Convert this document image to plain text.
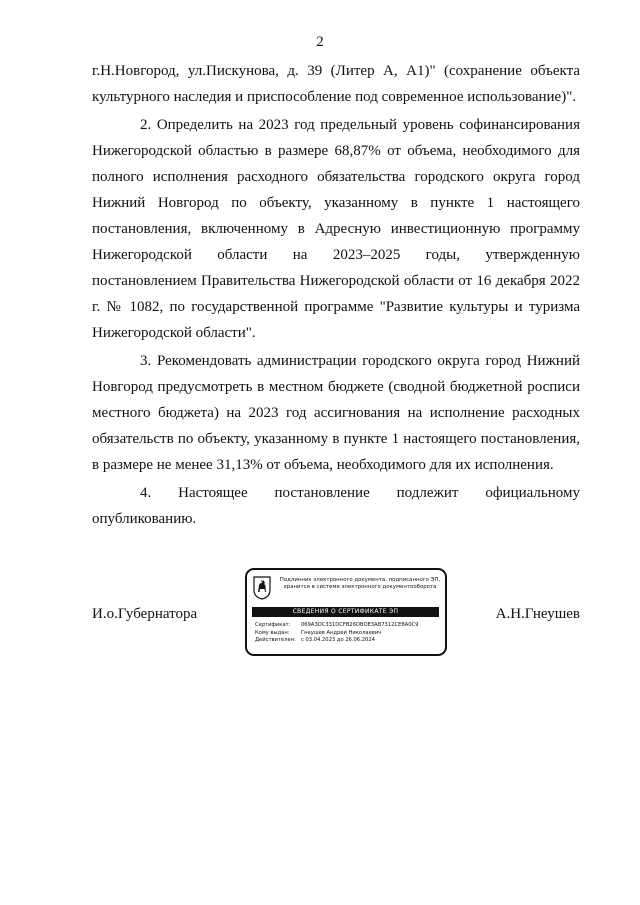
2

г.Н.Новгород, ул.Пискунова, д. 39 (Литер А, А1)" (сохранение объекта культурного наследия и приспособление под современное использование)".

2. Определить на 2023 год предельный уровень софинансирования Нижегородской областью в размере 68,87% от объема, необходимого для полного исполнения расходного обязательства городского округа город Нижний Новгород по объекту, указанному в пункте 1 настоящего постановления, включенному в Адресную инвестиционную программу Нижегородской области на 2023–2025 годы, утвержденную постановлением Правительства Нижегородской области от 16 декабря 2022 г. № 1082, по государственной программе "Развитие культуры и туризма Нижегородской области".

3. Рекомендовать администрации городского округа город Нижний Новгород предусмотреть в местном бюджете (сводной бюджетной росписи местного бюджета) на 2023 год ассигнования на исполнение расходных обязательств по объекту, указанному в пункте 1 настоящего постановления, в размере не менее 31,13% от объема, необходимого для их исполнения.

4. Настоящее постановление подлежит официальному опубликованию.

И.о.Губернатора
Подлинник электронного документа, подписанного ЭП, хранится в системе электронного документооборота
СВЕДЕНИЯ О СЕРТИФИКАТЕ ЭП
Сертификат: 069A3DC331DCFB26DBDE3AB7312CE8A0C9
Кому выдан: Гнеушев Андрей Николаевич
Действителен: с 03.04.2023 до 26.06.2024
А.Н.Гнеушев
